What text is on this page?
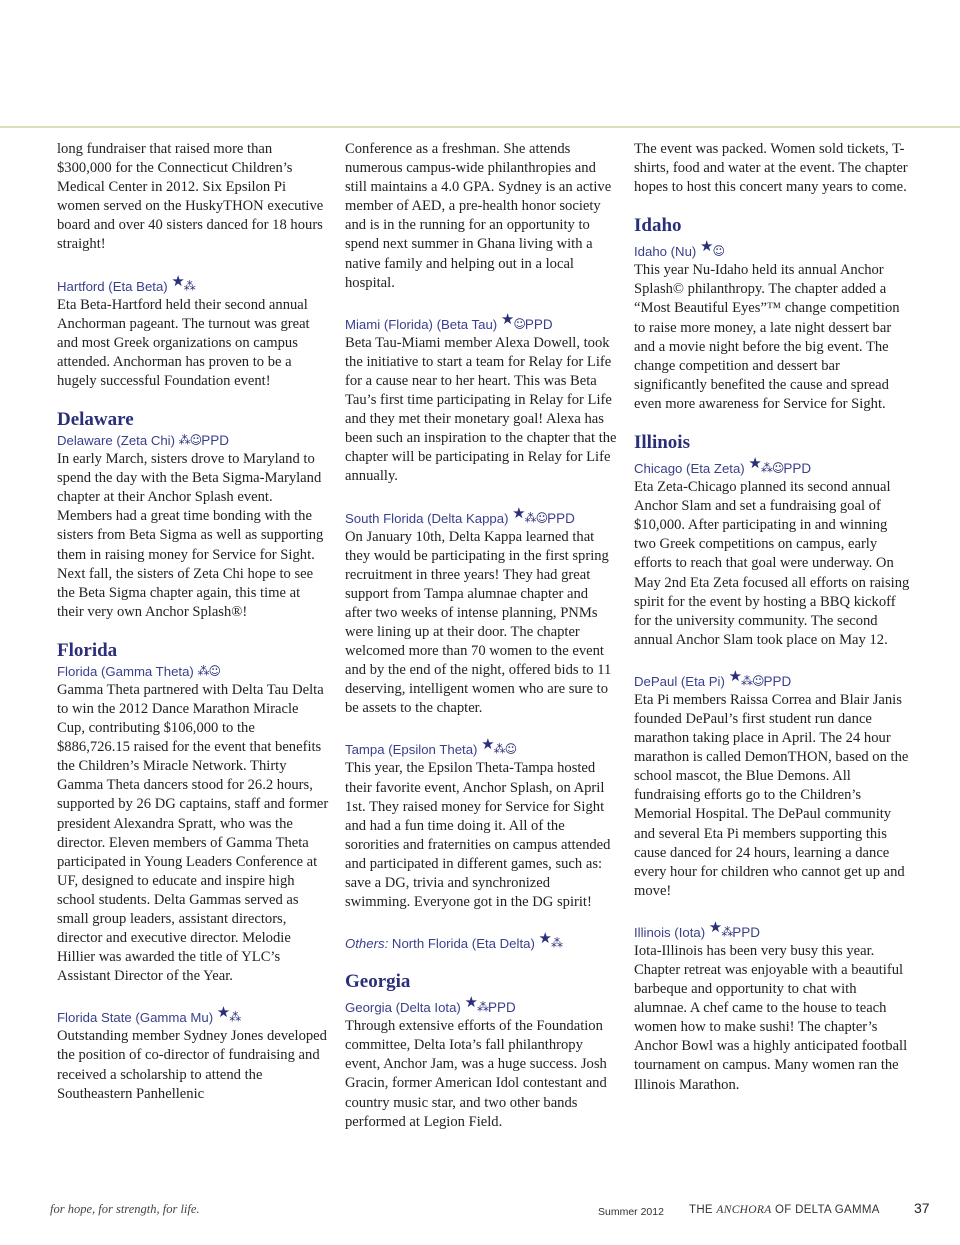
long fundraiser that raised more than $300,000 for the Connecticut Children’s Medical Center in 2012. Six Epsilon Pi women served on the HuskyTHON executive board and over 40 sisters danced for 18 hours straight!

Hartford (Eta Beta) ★⁂

Eta Beta-Hartford held their second annual Anchorman pageant. The turnout was great and most Greek organizations on campus attended. Anchorman has proven to be a hugely successful Foundation event!

Delaware
Delaware (Zeta Chi) ⁂☺PPD

In early March, sisters drove to Maryland to spend the day with the Beta Sigma-Maryland chapter at their Anchor Splash event. Members had a great time bonding with the sisters from Beta Sigma as well as supporting them in raising money for Service for Sight. Next fall, the sisters of Zeta Chi hope to see the Beta Sigma chapter again, this time at their very own Anchor Splash®!

Florida
Florida (Gamma Theta) ⁂☺

Gamma Theta partnered with Delta Tau Delta to win the 2012 Dance Marathon Miracle Cup, contributing $106,000 to the $886,726.15 raised for the event that benefits the Children’s Miracle Network. Thirty Gamma Theta dancers stood for 26.2 hours, supported by 26 DG captains, staff and former president Alexandra Spratt, who was the director. Eleven members of Gamma Theta participated in Young Leaders Conference at UF, designed to educate and inspire high school students. Delta Gammas served as small group leaders, assistant directors, director and executive director. Melodie Hillier was awarded the title of YLC’s Assistant Director of the Year.

Florida State (Gamma Mu) ★⁂

Outstanding member Sydney Jones developed the position of co-director of fundraising and received a scholarship to attend the Southeastern Panhellenic

Conference as a freshman. She attends numerous campus-wide philanthropies and still maintains a 4.0 GPA. Sydney is an active member of AED, a pre-health honor society and is in the running for an opportunity to spend next summer in Ghana living with a native family and helping out in a local hospital.

Miami (Florida) (Beta Tau) ★☺PPD

Beta Tau-Miami member Alexa Dowell, took the initiative to start a team for Relay for Life for a cause near to her heart. This was Beta Tau’s first time participating in Relay for Life and they met their monetary goal! Alexa has been such an inspiration to the chapter that the chapter will be participating in Relay for Life annually.

South Florida (Delta Kappa) ★⁂☺PPD

On January 10th, Delta Kappa learned that they would be participating in the first spring recruitment in three years! They had great support from Tampa alumnae chapter and after two weeks of intense planning, PNMs were lining up at their door. The chapter welcomed more than 70 women to the event and by the end of the night, offered bids to 11 deserving, intelligent women who are sure to be assets to the chapter.

Tampa (Epsilon Theta) ★⁂☺

This year, the Epsilon Theta-Tampa hosted their favorite event, Anchor Splash, on April 1st. They raised money for Service for Sight and had a fun time doing it. All of the sororities and fraternities on campus attended and participated in different games, such as: save a DG, trivia and synchronized swimming. Everyone got in the DG spirit!

Others: North Florida (Eta Delta) ★⁂
Georgia
Georgia (Delta Iota) ★⁂PPD

Through extensive efforts of the Foundation committee, Delta Iota’s fall philanthropy event, Anchor Jam, was a huge success. Josh Gracin, former American Idol contestant and country music star, and two other bands performed at Legion Field.

The event was packed. Women sold tickets, T-shirts, food and water at the event. The chapter hopes to host this concert many years to come.

Idaho
Idaho (Nu) ★☺

This year Nu-Idaho held its annual Anchor Splash© philanthropy. The chapter added a “Most Beautiful Eyes”™ change competition to raise more money, a late night dessert bar and a movie night before the big event. The change competition and dessert bar significantly benefited the cause and spread even more awareness for Service for Sight.

Illinois
Chicago (Eta Zeta) ★⁂☺PPD

Eta Zeta-Chicago planned its second annual Anchor Slam and set a fundraising goal of $10,000. After participating in and winning two Greek competitions on campus, early efforts to reach that goal were underway. On May 2nd Eta Zeta focused all efforts on raising spirit for the event by hosting a BBQ kickoff for the university community. The second annual Anchor Slam took place on May 12.

DePaul (Eta Pi) ★⁂☺PPD

Eta Pi members Raissa Correa and Blair Janis founded DePaul’s first student run dance marathon taking place in April. The 24 hour marathon is called DemonTHON, based on the school mascot, the Blue Demons. All fundraising efforts go to the Children’s Memorial Hospital. The DePaul community and several Eta Pi members supporting this cause danced for 24 hours, learning a dance every hour for children who cannot get up and move!

Illinois (Iota) ★⁂PPD

Iota-Illinois has been very busy this year. Chapter retreat was enjoyable with a beautiful barbeque and opportunity to chat with alumnae. A chef came to the house to teach women how to make sushi! The chapter’s Anchor Bowl was a highly anticipated football tournament on campus. Many women ran the Illinois Marathon.

for hope, for strength, for life.	Summer 2012 THE ANCHORA OF DELTA GAMMA 37
